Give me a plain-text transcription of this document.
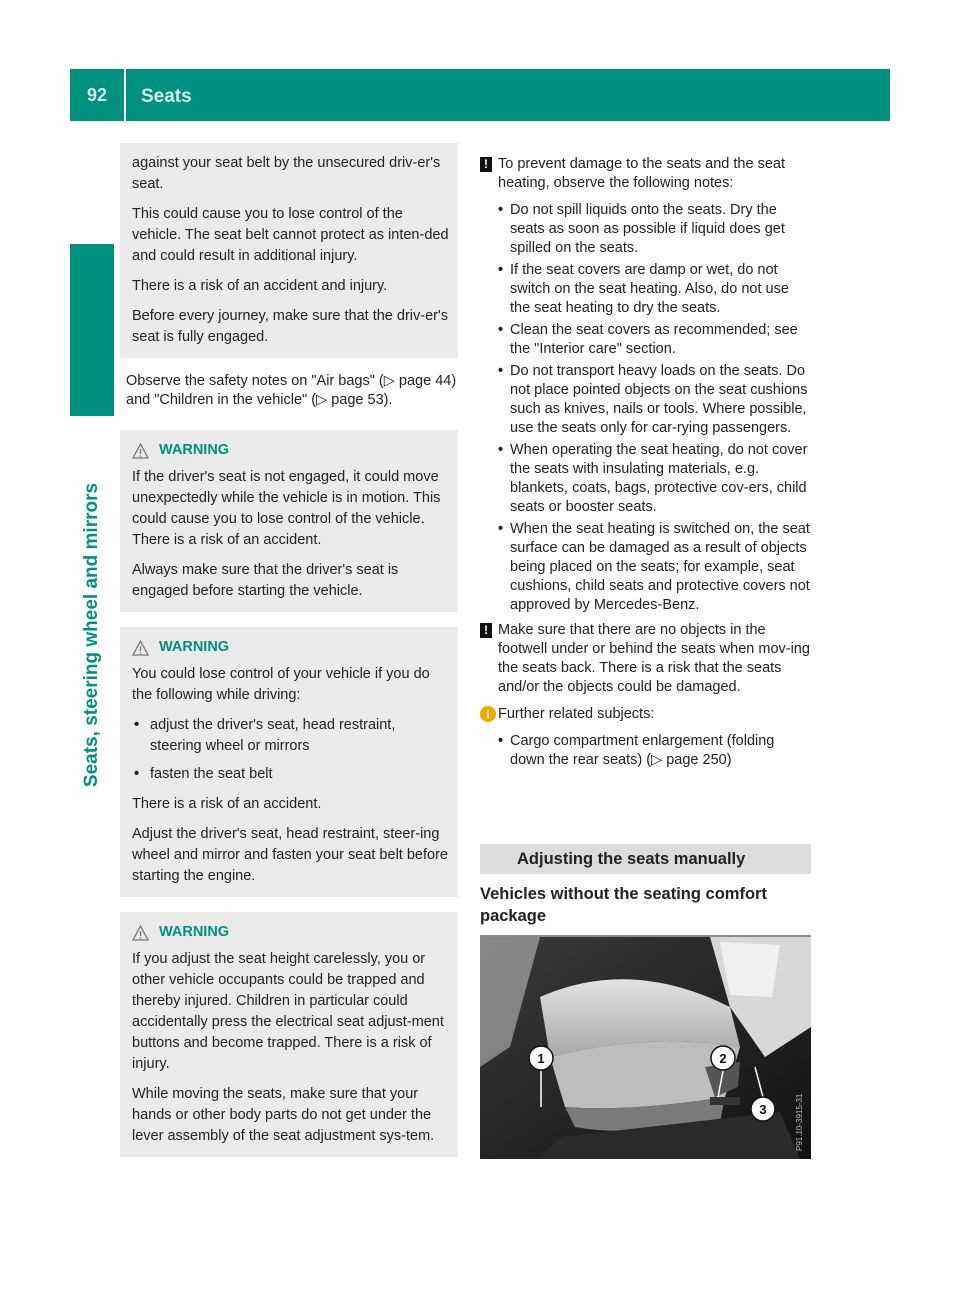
92	Seats
Seats, steering wheel and mirrors

against your seat belt by the unsecured driv-er's seat.

This could cause you to lose control of the vehicle. The seat belt cannot protect as inten-ded and could result in additional injury.

There is a risk of an accident and injury.

Before every journey, make sure that the driv-er's seat is fully engaged.

Observe the safety notes on "Air bags" (▷ page 44) and "Children in the vehicle" (▷ page 53).

WARNING

If the driver's seat is not engaged, it could move unexpectedly while the vehicle is in motion. This could cause you to lose control of the vehicle. There is a risk of an accident.

Always make sure that the driver's seat is engaged before starting the vehicle.

WARNING

You could lose control of your vehicle if you do the following while driving:

• adjust the driver's seat, head restraint, steering wheel or mirrors
• fasten the seat belt

There is a risk of an accident.

Adjust the driver's seat, head restraint, steer-ing wheel and mirror and fasten your seat belt before starting the engine.

WARNING

If you adjust the seat height carelessly, you or other vehicle occupants could be trapped and thereby injured. Children in particular could accidentally press the electrical seat adjust-ment buttons and become trapped. There is a risk of injury.

While moving the seats, make sure that your hands or other body parts do not get under the lever assembly of the seat adjustment sys-tem.

! To prevent damage to the seats and the seat heating, observe the following notes:
• Do not spill liquids onto the seats. Dry the seats as soon as possible if liquid does get spilled on the seats.
• If the seat covers are damp or wet, do not switch on the seat heating. Also, do not use the seat heating to dry the seats.
• Clean the seat covers as recommended; see the "Interior care" section.
• Do not transport heavy loads on the seats. Do not place pointed objects on the seat cushions such as knives, nails or tools. Where possible, use the seats only for car-rying passengers.
• When operating the seat heating, do not cover the seats with insulating materials, e.g. blankets, coats, bags, protective cov-ers, child seats or booster seats.
• When the seat heating is switched on, the seat surface can be damaged as a result of objects being placed on the seats; for example, seat cushions, child seats and protective covers not approved by Mercedes-Benz.
! Make sure that there are no objects in the footwell under or behind the seats when mov-ing the seats back. There is a risk that the seats and/or the objects could be damaged.
i Further related subjects:
• Cargo compartment enlargement (folding down the rear seats) (▷ page 250)
Adjusting the seats manually
Vehicles without the seating comfort package
1	2
3	P91.10-3915-31
